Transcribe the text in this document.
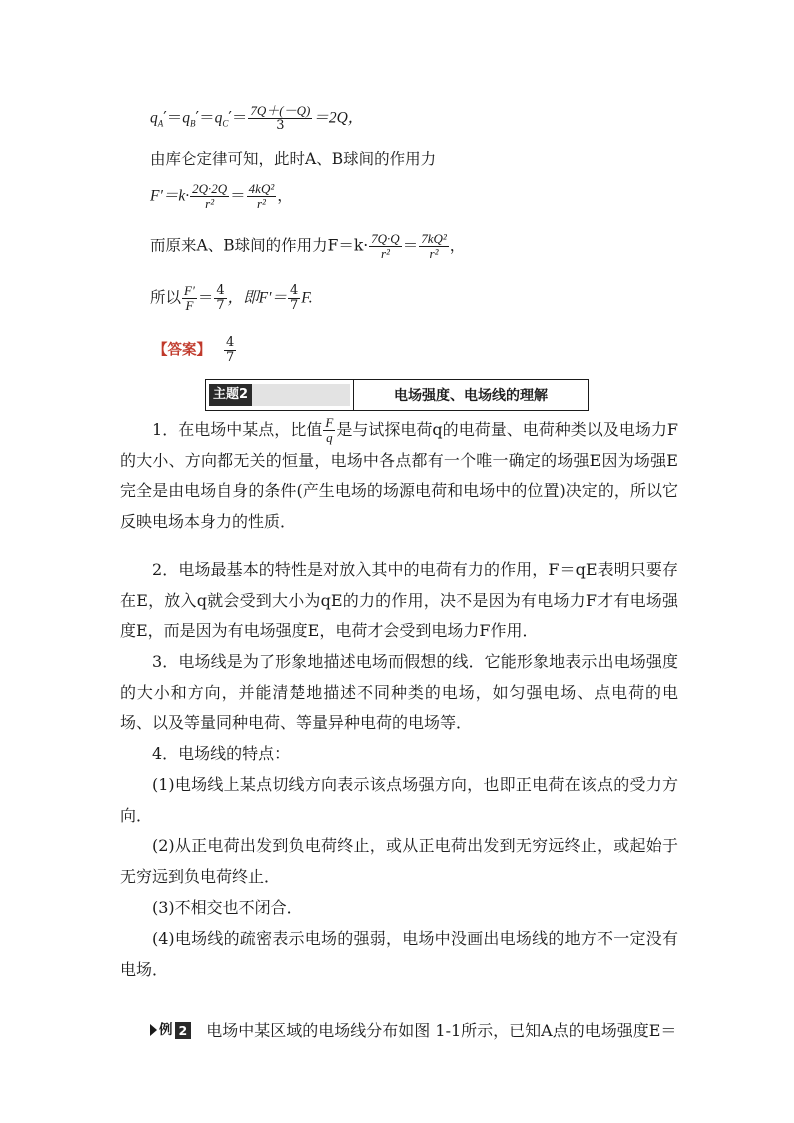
$q_A'=q_B'=q_C'= \frac{7Q+(-Q)}{3} =2Q$，
由库仑定律可知，此时A、B球间的作用力
$F'=k\cdot \frac{2Q\cdot 2Q}{\text{r²}} = \frac{\text{4kQ²}}{\text{r²}}$ ，
而原来A、B球间的作用力$F=k\cdot \frac{7Q\cdot Q}{\text{r²}} = \frac{\text{7kQ²}}{\text{r²}}$ ，
所以 $\frac{F'}{F} = \frac{4}{7}$ ，即$F'= \frac{4}{7} F$.
【答案】 $\frac{4}{7}$
主题2	电场强度、电场线的理解
1．在电场中某点，比值 $\frac{F}{q}$ 是与试探电荷q的电荷量、电荷种类以及电场力F的大小、方向都无关的恒量，电场中各点都有一个唯一确定的场强E因为场强E完全是由电场自身的条件(产生电场的场源电荷和电场中的位置)决定的，所以它反映电场本身力的性质．
2．电场最基本的特性是对放入其中的电荷有力的作用，F＝qE表明只要存在E，放入q就会受到大小为qE的力的作用，决不是因为有电场力F才有电场强度E，而是因为有电场强度E，电荷才会受到电场力F作用．
3．电场线是为了形象地描述电场而假想的线．它能形象地表示出电场强度的大小和方向，并能清楚地描述不同种类的电场，如匀强电场、点电荷的电场、以及等量同种电荷、等量异种电荷的电场等．
4．电场线的特点：
(1)电场线上某点切线方向表示该点场强方向，也即正电荷在该点的受力方向．
(2)从正电荷出发到负电荷终止，或从正电荷出发到无穷远终止，或起始于无穷远到负电荷终止．
(3)不相交也不闭合．
(4)电场线的疏密表示电场的强弱，电场中没画出电场线的地方不一定没有电场．
例 2 电场中某区域的电场线分布如图 1-1所示，已知A点的电场强度E＝
